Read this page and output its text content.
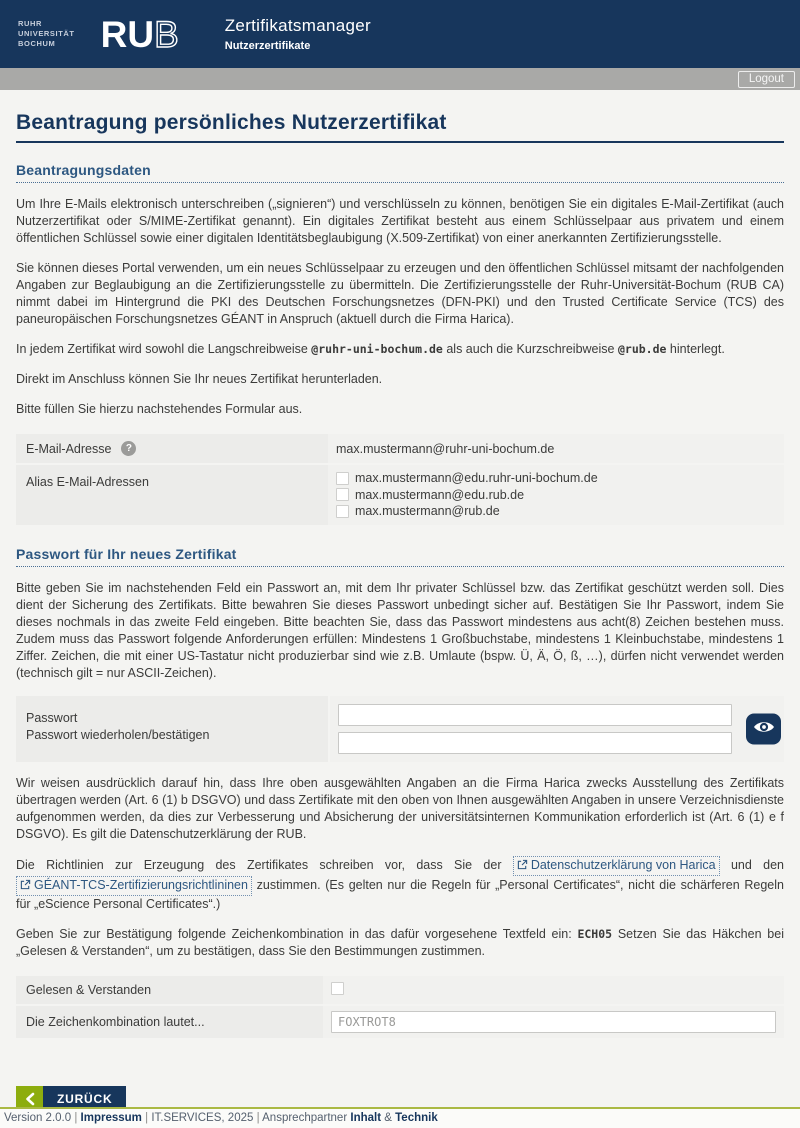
RUHR
UNIVERSITÄT
BOCHUM	RU B	Zertifikatsmanager
Nutzerzertifikate
Logout
Beantragung persönliches Nutzerzertifikat
Beantragungsdaten

Um Ihre E-Mails elektronisch unterschreiben („signieren“) und verschlüsseln zu können, benötigen Sie ein digitales E-Mail-Zertifikat (auch Nutzerzertifikat oder S/MIME-Zertifikat genannt). Ein digitales Zertifikat besteht aus einem Schlüsselpaar aus privatem und einem öffentlichen Schlüssel sowie einer digitalen Identitätsbeglaubigung (X.509-Zertifikat) von einer anerkannten Zertifizierungsstelle.

Sie können dieses Portal verwenden, um ein neues Schlüsselpaar zu erzeugen und den öffentlichen Schlüssel mitsamt der nachfolgenden Angaben zur Beglaubigung an die Zertifizierungsstelle zu übermitteln. Die Zertifizierungsstelle der Ruhr-Universität-Bochum (RUB CA) nimmt dabei im Hintergrund die PKI des Deutschen Forschungsnetzes (DFN-PKI) und den Trusted Certificate Service (TCS) des paneuropäischen Forschungsnetzes GÉANT in Anspruch (aktuell durch die Firma Harica).

In jedem Zertifikat wird sowohl die Langschreibweise @ruhr-uni-bochum.de als auch die Kurzschreibweise @rub.de hinterlegt.

Direkt im Anschluss können Sie Ihr neues Zertifikat herunterladen.

Bitte füllen Sie hierzu nachstehendes Formular aus.

E-Mail-Adresse ?	max.mustermann@ruhr-uni-bochum.de
Alias E-Mail-Adressen	max.mustermann@edu.ruhr-uni-bochum.de
max.mustermann@edu.rub.de
max.mustermann@rub.de
Passwort für Ihr neues Zertifikat

Bitte geben Sie im nachstehenden Feld ein Passwort an, mit dem Ihr privater Schlüssel bzw. das Zertifikat geschützt werden soll. Dies dient der Sicherung des Zertifikats. Bitte bewahren Sie dieses Passwort unbedingt sicher auf. Bestätigen Sie Ihr Passwort, indem Sie dieses nochmals in das zweite Feld eingeben. Bitte beachten Sie, dass das Passwort mindestens aus acht(8) Zeichen bestehen muss. Zudem muss das Passwort folgende Anforderungen erfüllen: Mindestens 1 Großbuchstabe, mindestens 1 Kleinbuchstabe, mindestens 1 Ziffer. Zeichen, die mit einer US-Tastatur nicht produzierbar sind wie z.B. Umlaute (bspw. Ü, Ä, Ö, ß, …), dürfen nicht verwendet werden (technisch gilt = nur ASCII-Zeichen).

Passwort
Passwort wiederholen/bestätigen

Wir weisen ausdrücklich darauf hin, dass Ihre oben ausgewählten Angaben an die Firma Harica zwecks Ausstellung des Zertifikats übertragen werden (Art. 6 (1) b DSGVO) und dass Zertifikate mit den oben von Ihnen ausgewählten Angaben in unsere Verzeichnisdienste aufgenommen werden, da dies zur Verbesserung und Absicherung der universitätsinternen Kommunikation erforderlich ist (Art. 6 (1) e f DSGVO). Es gilt die Datenschutzerklärung der RUB.

Die Richtlinien zur Erzeugung des Zertifikates schreiben vor, dass Sie der Datenschutzerklärung von Harica und den GÉANT-TCS-Zertifizierungsrichtlininen zustimmen. (Es gelten nur die Regeln für „Personal Certificates“, nicht die schärferen Regeln für „eScience Personal Certificates“.)

Geben Sie zur Bestätigung folgende Zeichenkombination in das dafür vorgesehene Textfeld ein: ECH05 Setzen Sie das Häkchen bei „Gelesen & Verstanden“, um zu bestätigen, dass Sie den Bestimmungen zustimmen.

Gelesen & Verstanden	
Die Zeichenkombination lautet...	FOXTROT8
ZURÜCK
Version 2.0.0 | Impressum | IT.SERVICES, 2025 | Ansprechpartner Inhalt & Technik
